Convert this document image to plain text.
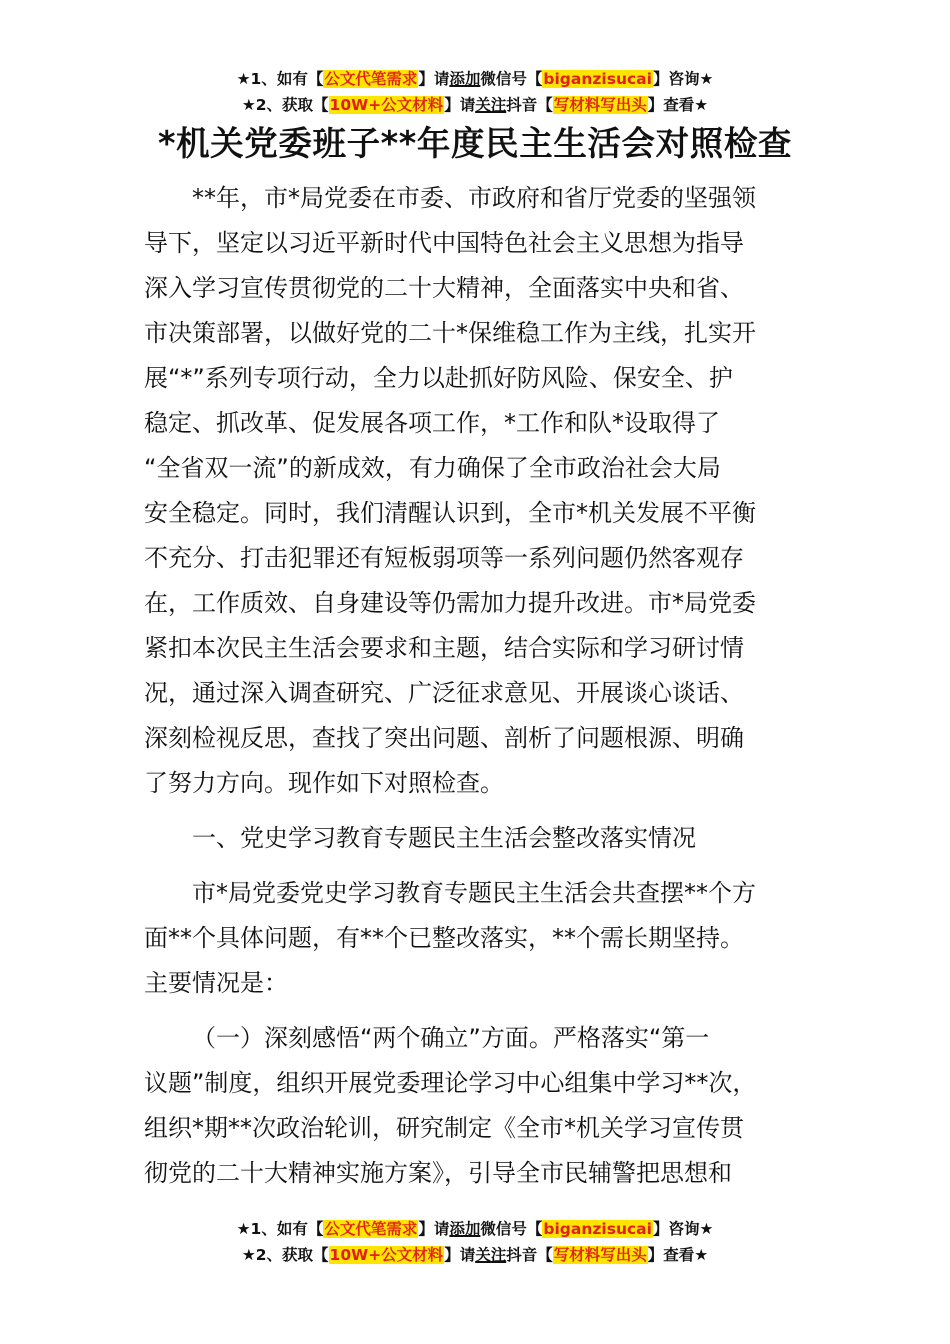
★1、如有【公文代笔需求】请添加微信号【biganzisucai】咨询★
★2、获取【10W+公文材料】请关注抖音【写材料写出头】查看★
*机关党委班子**年度民主生活会对照检查
**年，市*局党委在市委、市政府和省厅党委的坚强领
导下，坚定以习近平新时代中国特色社会主义思想为指导
深入学习宣传贯彻党的二十大精神，全面落实中央和省、
市决策部署，以做好党的二十*保维稳工作为主线，扎实开
展“*”系列专项行动，全力以赴抓好防风险、保安全、护
稳定、抓改革、促发展各项工作，*工作和队*设取得了
“全省双一流”的新成效，有力确保了全市政治社会大局
安全稳定。同时，我们清醒认识到，全市*机关发展不平衡
不充分、打击犯罪还有短板弱项等一系列问题仍然客观存
在，工作质效、自身建设等仍需加力提升改进。市*局党委
紧扣本次民主生活会要求和主题，结合实际和学习研讨情
况，通过深入调查研究、广泛征求意见、开展谈心谈话、
深刻检视反思，查找了突出问题、剖析了问题根源、明确
了努力方向。现作如下对照检查。
一、党史学习教育专题民主生活会整改落实情况
市*局党委党史学习教育专题民主生活会共查摆**个方
面**个具体问题，有**个已整改落实，**个需长期坚持。
主要情况是：
（一）深刻感悟“两个确立”方面。严格落实“第一
议题”制度，组织开展党委理论学习中心组集中学习**次，
组织*期**次政治轮训，研究制定《全市*机关学习宣传贯
彻党的二十大精神实施方案》，引导全市民辅警把思想和
★1、如有【公文代笔需求】请添加微信号【biganzisucai】咨询★
★2、获取【10W+公文材料】请关注抖音【写材料写出头】查看★
